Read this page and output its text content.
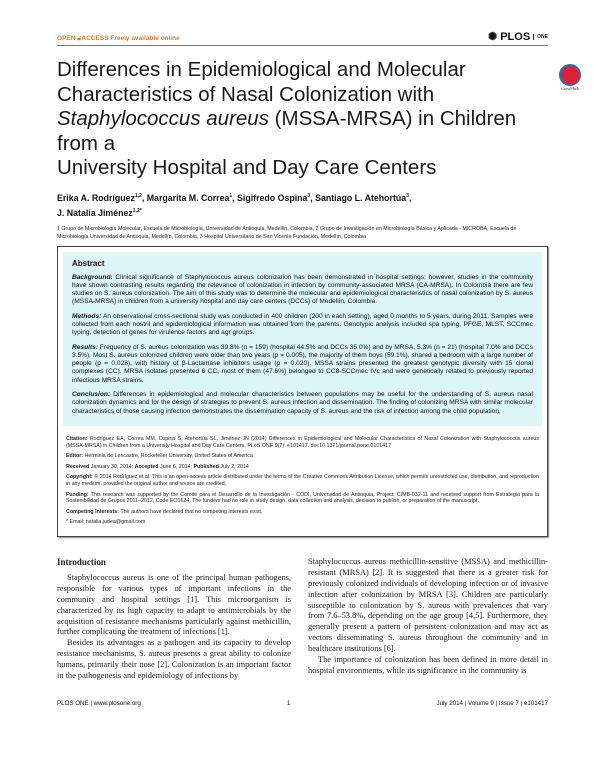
OPEN 🔓︎ACCESS Freely available online	✺ PLOS	ONE
Differences in Epidemiological and Molecular
Characteristics of Nasal Colonization with
Staphylococcus aureus (MSSA-MRSA) in Children from a
University Hospital and Day Care Centers
CrossMark
Erika A. Rodríguez$^{1,2}$, Margarita M. Correa$^1$, Sigifredo Ospina$^3$, Santiago L. Atehortúa$^3$,
J. Natalia Jiménez$^{1,2*}$
1 Grupo de Microbiología Molecular, Escuela de Microbiología, Universidad de Antioquia, Medellín, Colombia, 2 Grupo de Investigación en Microbiología Básica y Aplicada - MICROBA, Escuela de Microbiología Universidad de Antioquia, Medellín, Colombia, 3 Hospital Universitario de San Vicente Fundación, Medellín, Colombia
Abstract
Background: Clinical significance of Staphylococcus aureus colonization has been demonstrated in hospital settings; however, studies in the community have shown contrasting results regarding the relevance of colonization in infection by community-associated MRSA (CA-MRSA). In Colombia there are few studies on S. aureus colonization. The aim of this study was to determine the molecular and epidemiological characteristics of nasal colonization by S. aureus (MSSA-MRSA) in children from a university hospital and day care centers (DCCs) of Medellin, Colombia.
Methods: An observational cross-sectional study was conducted in 400 children (200 in each setting), aged 0 months to 5 years, during 2011. Samples were collected from each nostril and epidemiological information was obtained from the parents. Genotypic analysis included spa typing, PFGE, MLST, SCCmec typing, detection of genes for virulence factors and agr groups.
Results: Frequency of S. aureus colonization was 39.8% (n = 159) (hospital 44.5% and DCCs 35.0%) and by MRSA, 5.3% (n = 21) (hospital 7.0% and DCCs 3.5%). Most S. aureus colonized children were older than two years (p = 0.005), the majority of them boys (59.1%), shared a bedroom with a large number of people (p = 0.028), with history of β-Lactamase inhibitors usage (p = 0.020). MSSA strains presented the greatest genotypic diversity with 15 clonal complexes (CC). MRSA isolates presented 6 CC, most of them (47.6%) belonged to CC8-SCCmec IVc and were genetically related to previously reported infectious MRSA strains.
Conclusion: Differences in epidemiological and molecular characteristics between populations may be useful for the understanding of S. aureus nasal colonization dynamics and for the design of strategies to prevent S. aureus infection and dissemination. The finding of colonizing MRSA with similar molecular characteristics of those causing infection demonstrates the dissemination capacity of S. aureus and the risk of infection among the child population.
Citation: Rodríguez EA, Correa MM, Ospina S, Atehortúa SL, Jiménez JN (2014) Differences in Epidemiological and Molecular Characteristics of Nasal Colonization with Staphylococcus aureus (MSSA-MRSA) in Children from a University Hospital and Day Care Centers. PLoS ONE 9(7): e101417. doi:10.1371/journal.pone.0101417
Editor: Herminia de Lencastre, Rockefeller University, United States of America
Received January 30, 2014; Accepted June 6, 2014; Published July 2, 2014
Copyright: © 2014 Rodríguez et al. This is an open-access article distributed under the terms of the Creative Commons Attribution License, which permits unrestricted use, distribution, and reproduction in any medium, provided the original author and source are credited.
Funding: This research was supported by the Comité para el Desarrollo de la Investigación - CODI, Universidad de Antioquia, Project: CIMB-032-11 and received support from Estrategia para la Sostenibilidad de Grupos 2011–2012, Code EO1624. The funders had no role in study design, data collection and analysis, decision to publish, or preparation of the manuscript.
Competing Interests: The authors have declared that no competing interests exist.
* Email: natalia.judea@gmail.com
Introduction

Staphylococcus aureus is one of the principal human pathogens, responsible for various types of important infections in the community and hospital settings [1]. This microorganism is characterized by its high capacity to adapt to antimicrobials by the acquisition of resistance mechanisms particularly against methicillin, further complicating the treatment of infections [1].

Besides its advantages as a pathogen and its capacity to develop resistance mechanisms, S. aureus presents a great ability to colonize humans, primarily their nose [2]. Colonization is an important factor in the pathogenesis and epidemiology of infections by

Staphylococcus aureus methicillin-sensitive (MSSA) and methicillin-resistant (MRSA) [2]. It is suggested that there is a greater risk for previously colonized individuals of developing infection or of invasive infection after colonization by MRSA [3]. Children are particularly susceptible to colonization by S. aureus with prevalences that vary from 7.6–53.8%, depending on the age group [4,5]. Furthermore, they generally present a pattern of persistent colonization and may act as vectors disseminating S. aureus throughout the community and in healthcare institutions [6].

The importance of colonization has been defined in more detail in hospital environments, while its significance in the community is

PLOS ONE | www.plosone.org	1	July 2014 | Volume 9 | Issue 7 | e101417
